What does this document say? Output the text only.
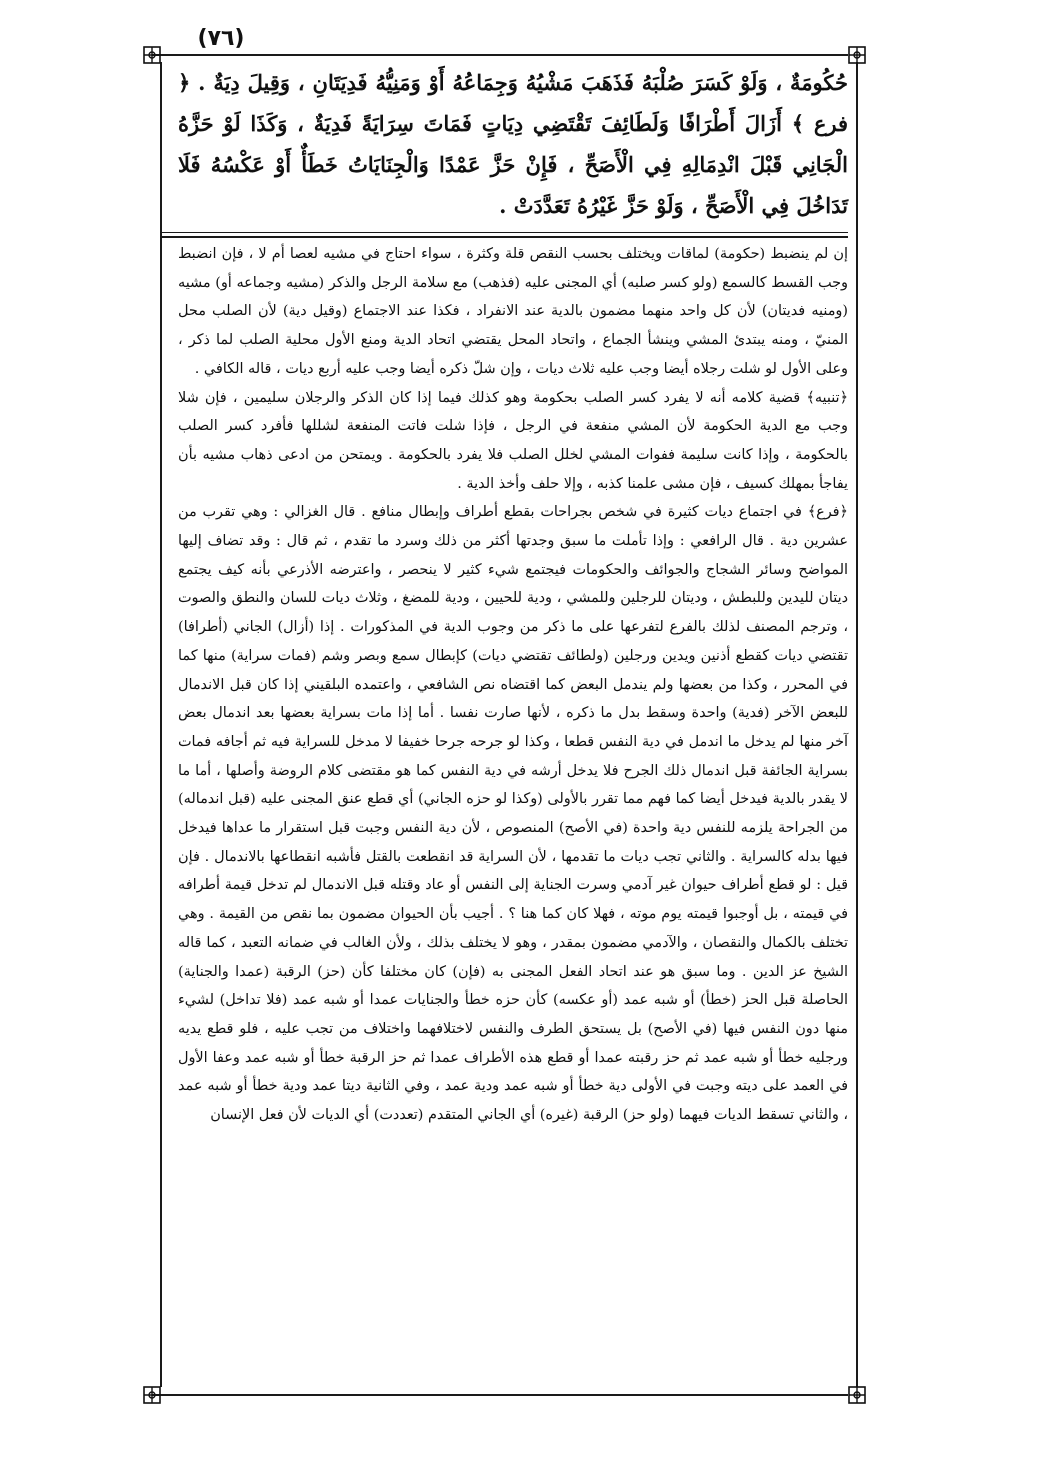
(٧٦)

حُكُومَةٌ ، وَلَوْ كَسَرَ صُلْبَهُ فَذَهَبَ مَشْيُهُ وَجِمَاعُهُ أَوْ وَمَنِيُّهُ فَدِيَتَانِ ، وَقِيلَ دِيَةٌ . ﴿ فرع ﴾ أَزَالَ أَطْرَافًا وَلَطَائِفَ تَقْتَضِي دِيَاتٍ فَمَاتَ سِرَايَةً فَدِيَةٌ ، وَكَذَا لَوْ حَزَّهُ الْجَانِي قَبْلَ انْدِمَالِهِ فِي الْأَصَحِّ ، فَإِنْ حَزَّ عَمْدًا وَالْجِنَايَاتُ خَطَأٌ أَوْ عَكْسُهُ فَلَا تَدَاخُلَ فِي الْأَصَحِّ ، وَلَوْ حَزَّ غَيْرُهُ تَعَدَّدَتْ .

إن لم ينضبط (حكومة) لماقات ويختلف بحسب النقص قلة وكثرة ، سواء احتاج في مشيه لعصا أم لا ، فإن انضبط وجب القسط كالسمع (ولو كسر صلبه) أي المجنى عليه (فذهب) مع سلامة الرجل والذكر (مشيه وجماعه أو) مشيه (ومنيه فديتان) لأن كل واحد منهما مضمون بالدية عند الانفراد ، فكذا عند الاجتماع (وقيل دية) لأن الصلب محل المنيّ ، ومنه يبتدئ المشي وينشأ الجماع ، واتحاد المحل يقتضي اتحاد الدية ومنع الأول محلية الصلب لما ذكر ، وعلى الأول لو شلت رجلاه أيضا وجب عليه ثلاث ديات ، وإن شلّ ذكره أيضا وجب عليه أربع ديات ، قاله الكافي .

﴿تنبيه﴾ قضية كلامه أنه لا يفرد كسر الصلب بحكومة وهو كذلك فيما إذا كان الذكر والرجلان سليمين ، فإن شلا وجب مع الدية الحكومة لأن المشي منفعة في الرجل ، فإذا شلت فاتت المنفعة لشللها فأفرد كسر الصلب بالحكومة ، وإذا كانت سليمة ففوات المشي لخلل الصلب فلا يفرد بالحكومة . ويمتحن من ادعى ذهاب مشيه بأن يفاجأ بمهلك كسيف ، فإن مشى علمنا كذبه ، وإلا حلف وأخذ الدية .

﴿فرع﴾ في اجتماع ديات كثيرة في شخص بجراحات بقطع أطراف وإبطال منافع . قال الغزالي : وهي تقرب من عشرين دية . قال الرافعي : وإذا تأملت ما سبق وجدتها أكثر من ذلك وسرد ما تقدم ، ثم قال : وقد تضاف إليها المواضح وسائر الشجاج والجوائف والحكومات فيجتمع شيء كثير لا ينحصر ، واعترضه الأذرعي بأنه كيف يجتمع ديتان لليدين وللبطش ، وديتان للرجلين وللمشي ، ودية للحيين ، ودية للمضغ ، وثلاث ديات للسان والنطق والصوت ، وترجم المصنف لذلك بالفرع لتفرعها على ما ذكر من وجوب الدية في المذكورات . إذا (أزال) الجاني (أطرافا) تقتضي ديات كقطع أذنين ويدين ورجلين (ولطائف تقتضي ديات) كإبطال سمع وبصر وشم (فمات سراية) منها كما في المحرر ، وكذا من بعضها ولم يندمل البعض كما اقتضاه نص الشافعي ، واعتمده البلقيني إذا كان قبل الاندمال للبعض الآخر (فدية) واحدة وسقط بدل ما ذكره ، لأنها صارت نفسا . أما إذا مات بسراية بعضها بعد اندمال بعض آخر منها لم يدخل ما اندمل في دية النفس قطعا ، وكذا لو جرحه جرحا خفيفا لا مدخل للسراية فيه ثم أجافه فمات بسراية الجائفة قبل اندمال ذلك الجرح فلا يدخل أرشه في دية النفس كما هو مقتضى كلام الروضة وأصلها ، أما ما لا يقدر بالدية فيدخل أيضا كما فهم مما تقرر بالأولى (وكذا لو حزه الجاني) أي قطع عنق المجنى عليه (قبل اندماله) من الجراحة يلزمه للنفس دية واحدة (في الأصح) المنصوص ، لأن دية النفس وجبت قبل استقرار ما عداها فيدخل فيها بدله كالسراية . والثاني تجب ديات ما تقدمها ، لأن السراية قد انقطعت بالقتل فأشبه انقطاعها بالاندمال . فإن قيل : لو قطع أطراف حيوان غير آدمي وسرت الجناية إلى النفس أو عاد وقتله قبل الاندمال لم تدخل قيمة أطرافه في قيمته ، بل أوجبوا قيمته يوم موته ، فهلا كان كما هنا ؟ . أجيب بأن الحيوان مضمون بما نقص من القيمة . وهي تختلف بالكمال والنقصان ، والآدمي مضمون بمقدر ، وهو لا يختلف بذلك ، ولأن الغالب في ضمانه التعبد ، كما قاله الشيخ عز الدين . وما سبق هو عند اتحاد الفعل المجنى به (فإن) كان مختلفا كأن (حز) الرقبة (عمدا والجناية) الحاصلة قبل الحز (خطأ) أو شبه عمد (أو عكسه) كأن حزه خطأ والجنايات عمدا أو شبه عمد (فلا تداخل) لشيء منها دون النفس فيها (في الأصح) بل يستحق الطرف والنفس لاختلافهما واختلاف من تجب عليه ، فلو قطع يديه ورجليه خطأ أو شبه عمد ثم حز رقبته عمدا أو قطع هذه الأطراف عمدا ثم حز الرقبة خطأ أو شبه عمد وعفا الأول في العمد على ديته وجبت في الأولى دية خطأ أو شبه عمد ودية عمد ، وفي الثانية ديتا عمد ودية خطأ أو شبه عمد ، والثاني تسقط الديات فيهما (ولو حز) الرقبة (غيره) أي الجاني المتقدم (تعددت) أي الديات لأن فعل الإنسان
